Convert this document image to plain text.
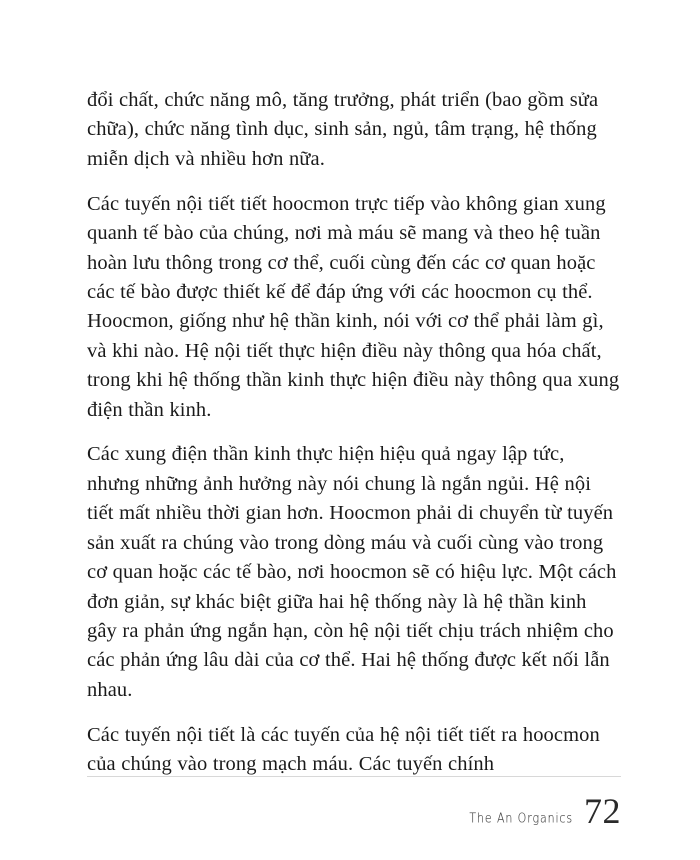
đổi chất, chức năng mô, tăng trưởng, phát triển (bao gồm sửa chữa), chức năng tình dục, sinh sản, ngủ, tâm trạng, hệ thống miễn dịch và nhiều hơn nữa.

Các tuyến nội tiết tiết hoocmon trực tiếp vào không gian xung quanh tế bào của chúng, nơi mà máu sẽ mang và theo hệ tuần hoàn lưu thông trong cơ thể, cuối cùng đến các cơ quan hoặc các tế bào được thiết kế để đáp ứng với các hoocmon cụ thể. Hoocmon, giống như hệ thần kinh, nói với cơ thể phải làm gì, và khi nào. Hệ nội tiết thực hiện điều này thông qua hóa chất, trong khi hệ thống thần kinh thực hiện điều này thông qua xung điện thần kinh.

Các xung điện thần kinh thực hiện hiệu quả ngay lập tức, nhưng những ảnh hưởng này nói chung là ngắn ngủi. Hệ nội tiết mất nhiều thời gian hơn. Hoocmon phải di chuyển từ tuyến sản xuất ra chúng vào trong dòng máu và cuối cùng vào trong cơ quan hoặc các tế bào, nơi hoocmon sẽ có hiệu lực. Một cách đơn giản, sự khác biệt giữa hai hệ thống này là hệ thần kinh gây ra phản ứng ngắn hạn, còn hệ nội tiết chịu trách nhiệm cho các phản ứng lâu dài của cơ thể. Hai hệ thống được kết nối lẫn nhau.

Các tuyến nội tiết là các tuyến của hệ nội tiết tiết ra hoocmon của chúng vào trong mạch máu. Các tuyến chính

The An Organics 72
